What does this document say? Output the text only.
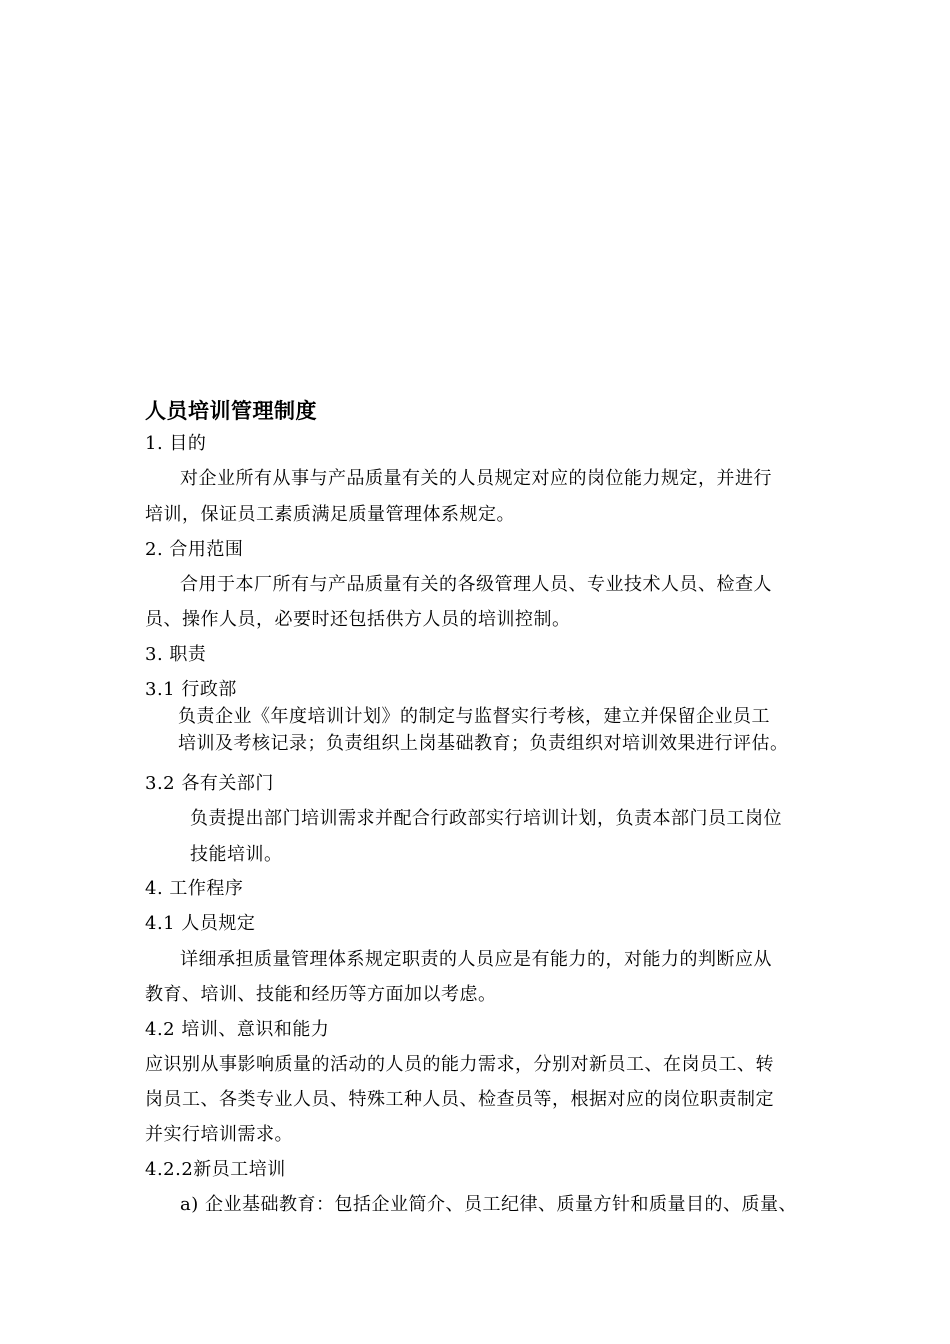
人员培训管理制度
1. 目的
对企业所有从事与产品质量有关的人员规定对应的岗位能力规定，并进行
培训，保证员工素质满足质量管理体系规定。
2. 合用范围
合用于本厂所有与产品质量有关的各级管理人员、专业技术人员、检查人
员、操作人员，必要时还包括供方人员的培训控制。
3. 职责
3.1 行政部
负责企业《年度培训计划》的制定与监督实行考核，建立并保留企业员工
培训及考核记录；负责组织上岗基础教育；负责组织对培训效果进行评估。
3.2 各有关部门
负责提出部门培训需求并配合行政部实行培训计划，负责本部门员工岗位
技能培训。
4. 工作程序
4.1 人员规定
详细承担质量管理体系规定职责的人员应是有能力的，对能力的判断应从
教育、培训、技能和经历等方面加以考虑。
4.2 培训、意识和能力
应识别从事影响质量的活动的人员的能力需求，分别对新员工、在岗员工、转
岗员工、各类专业人员、特殊工种人员、检查员等，根据对应的岗位职责制定
并实行培训需求。
4.2.2新员工培训
a) 企业基础教育：包括企业简介、员工纪律、质量方针和质量目的、质量、
